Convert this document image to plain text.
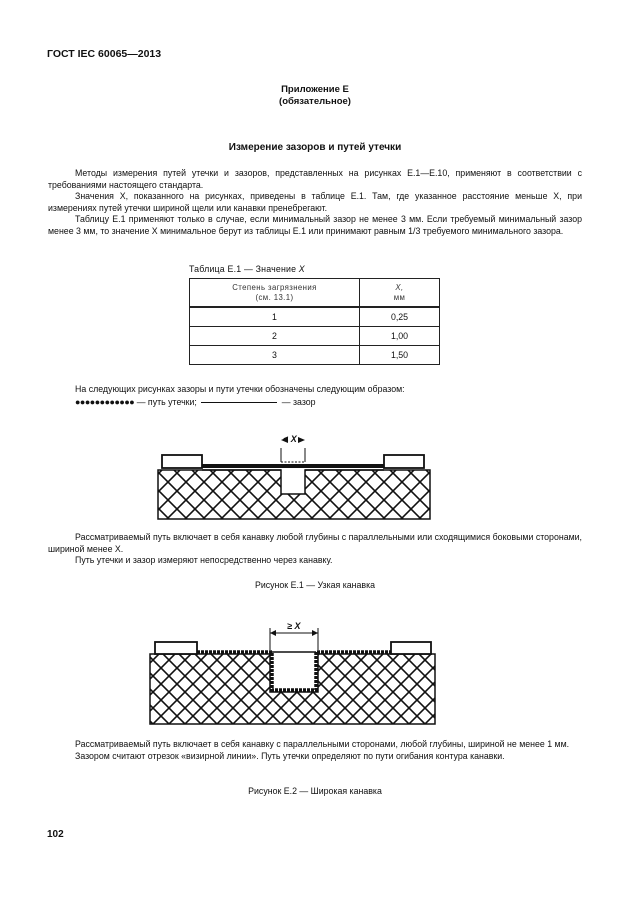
ГОСТ IEC 60065—2013
Приложение Е
(обязательное)
Измерение зазоров и путей утечки

Методы измерения путей утечки и зазоров, представленных на рисунках Е.1—Е.10, применяют в соответствии с требованиями настоящего стандарта.

Значения X, показанного на рисунках, приведены в таблице Е.1. Там, где указанное расстояние меньше X, при измерениях путей утечки шириной щели или канавки пренебрегают.

Таблицу Е.1 применяют только в случае, если минимальный зазор не менее 3 мм. Если требуемый минимальный зазор менее 3 мм, то значение X минимальное берут из таблицы Е.1 или принимают равным 1/3 требуемого минимального зазора.

Таблица Е.1 — Значение X
Степень загрязнения
(см. 13.1)	X,
мм
1	0,25
2	1,00
3	1,50
На следующих рисунках зазоры и пути утечки обозначены следующим образом:
●●●●●●●●●●●● — путь утечки;	— зазор
< X

Рассматриваемый путь включает в себя канавку любой глубины с параллельными или сходящимися боковыми сторонами, шириной менее X.

Путь утечки и зазор измеряют непосредственно через канавку.

Рисунок Е.1 — Узкая канавка
≥ X

Рассматриваемый путь включает в себя канавку с параллельными сторонами, любой глубины, шириной не менее 1 мм.

Зазором считают отрезок «визирной линии». Путь утечки определяют по пути огибания контура канавки.

Рисунок Е.2 — Широкая канавка
102
